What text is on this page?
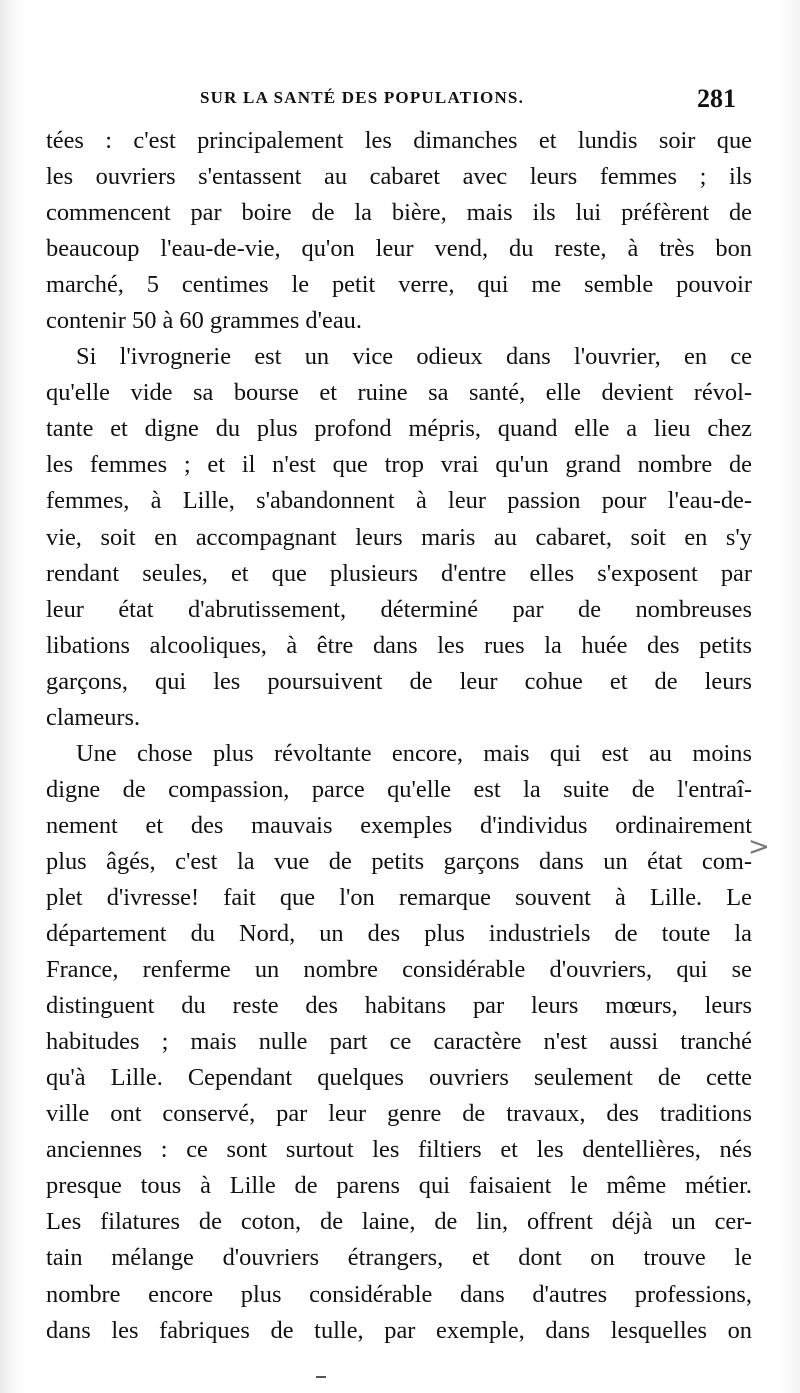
SUR LA SANTÉ DES POPULATIONS.	281
tées : c'est principalement les dimanches et lundis soir que
les ouvriers s'entassent au cabaret avec leurs femmes ; ils
commencent par boire de la bière, mais ils lui préfèrent de
beaucoup l'eau-de-vie, qu'on leur vend, du reste, à très bon
marché, 5 centimes le petit verre, qui me semble pouvoir
contenir 50 à 60 grammes d'eau.
Si l'ivrognerie est un vice odieux dans l'ouvrier, en ce
qu'elle vide sa bourse et ruine sa santé, elle devient révol-
tante et digne du plus profond mépris, quand elle a lieu chez
les femmes ; et il n'est que trop vrai qu'un grand nombre de
femmes, à Lille, s'abandonnent à leur passion pour l'eau-de-
vie, soit en accompagnant leurs maris au cabaret, soit en s'y
rendant seules, et que plusieurs d'entre elles s'exposent par
leur état d'abrutissement, déterminé par de nombreuses
libations alcooliques, à être dans les rues la huée des petits
garçons, qui les poursuivent de leur cohue et de leurs
clameurs.
Une chose plus révoltante encore, mais qui est au moins
digne de compassion, parce qu'elle est la suite de l'entraî-
nement et des mauvais exemples d'individus ordinairement
plus âgés, c'est la vue de petits garçons dans un état com-
plet d'ivresse! fait que l'on remarque souvent à Lille. Le
département du Nord, un des plus industriels de toute la
France, renferme un nombre considérable d'ouvriers, qui se
distinguent du reste des habitans par leurs mœurs, leurs
habitudes ; mais nulle part ce caractère n'est aussi tranché
qu'à Lille. Cependant quelques ouvriers seulement de cette
ville ont conservé, par leur genre de travaux, des traditions
anciennes : ce sont surtout les filtiers et les dentellières, nés
presque tous à Lille de parens qui faisaient le même métier.
Les filatures de coton, de laine, de lin, offrent déjà un cer-
tain mélange d'ouvriers étrangers, et dont on trouve le
nombre encore plus considérable dans d'autres professions,
dans les fabriques de tulle, par exemple, dans lesquelles on
>
